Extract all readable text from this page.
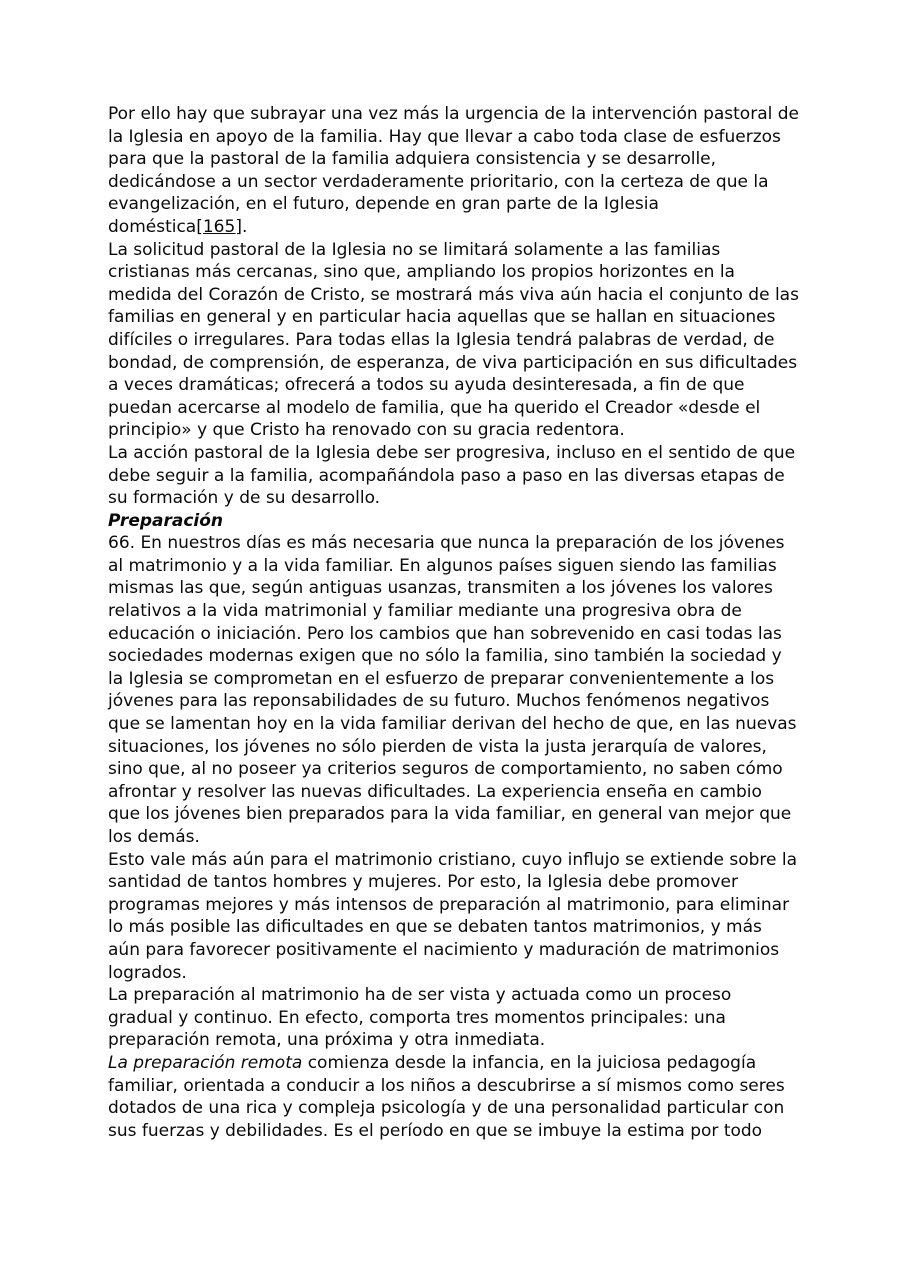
Por ello hay que subrayar una vez más la urgencia de la intervención pastoral de la Iglesia en apoyo de la familia. Hay que llevar a cabo toda clase de esfuerzos para que la pastoral de la familia adquiera consistencia y se desarrolle, dedicándose a un sector verdaderamente prioritario, con la certeza de que la evangelización, en el futuro, depende en gran parte de la Iglesia doméstica[165].

La solicitud pastoral de la Iglesia no se limitará solamente a las familias cristianas más cercanas, sino que, ampliando los propios horizontes en la medida del Corazón de Cristo, se mostrará más viva aún hacia el conjunto de las familias en general y en particular hacia aquellas que se hallan en situaciones difíciles o irregulares. Para todas ellas la Iglesia tendrá palabras de verdad, de bondad, de comprensión, de esperanza, de viva participación en sus dificultades a veces dramáticas; ofrecerá a todos su ayuda desinteresada, a fin de que puedan acercarse al modelo de familia, que ha querido el Creador «desde el principio» y que Cristo ha renovado con su gracia redentora.

La acción pastoral de la Iglesia debe ser progresiva, incluso en el sentido de que debe seguir a la familia, acompañándola paso a paso en las diversas etapas de su formación y de su desarrollo.

Preparación

66. En nuestros días es más necesaria que nunca la preparación de los jóvenes al matrimonio y a la vida familiar. En algunos países siguen siendo las familias mismas las que, según antiguas usanzas, transmiten a los jóvenes los valores relativos a la vida matrimonial y familiar mediante una progresiva obra de educación o iniciación. Pero los cambios que han sobrevenido en casi todas las sociedades modernas exigen que no sólo la familia, sino también la sociedad y la Iglesia se comprometan en el esfuerzo de preparar convenientemente a los jóvenes para las reponsabilidades de su futuro. Muchos fenómenos negativos que se lamentan hoy en la vida familiar derivan del hecho de que, en las nuevas situaciones, los jóvenes no sólo pierden de vista la justa jerarquía de valores, sino que, al no poseer ya criterios seguros de comportamiento, no saben cómo afrontar y resolver las nuevas dificultades. La experiencia enseña en cambio que los jóvenes bien preparados para la vida familiar, en general van mejor que los demás.

Esto vale más aún para el matrimonio cristiano, cuyo influjo se extiende sobre la santidad de tantos hombres y mujeres. Por esto, la Iglesia debe promover programas mejores y más intensos de preparación al matrimonio, para eliminar lo más posible las dificultades en que se debaten tantos matrimonios, y más aún para favorecer positivamente el nacimiento y maduración de matrimonios logrados.

La preparación al matrimonio ha de ser vista y actuada como un proceso gradual y continuo. En efecto, comporta tres momentos principales: una preparación remota, una próxima y otra inmediata.

La preparación remota comienza desde la infancia, en la juiciosa pedagogía familiar, orientada a conducir a los niños a descubrirse a sí mismos como seres dotados de una rica y compleja psicología y de una personalidad particular con sus fuerzas y debilidades. Es el período en que se imbuye la estima por todo
